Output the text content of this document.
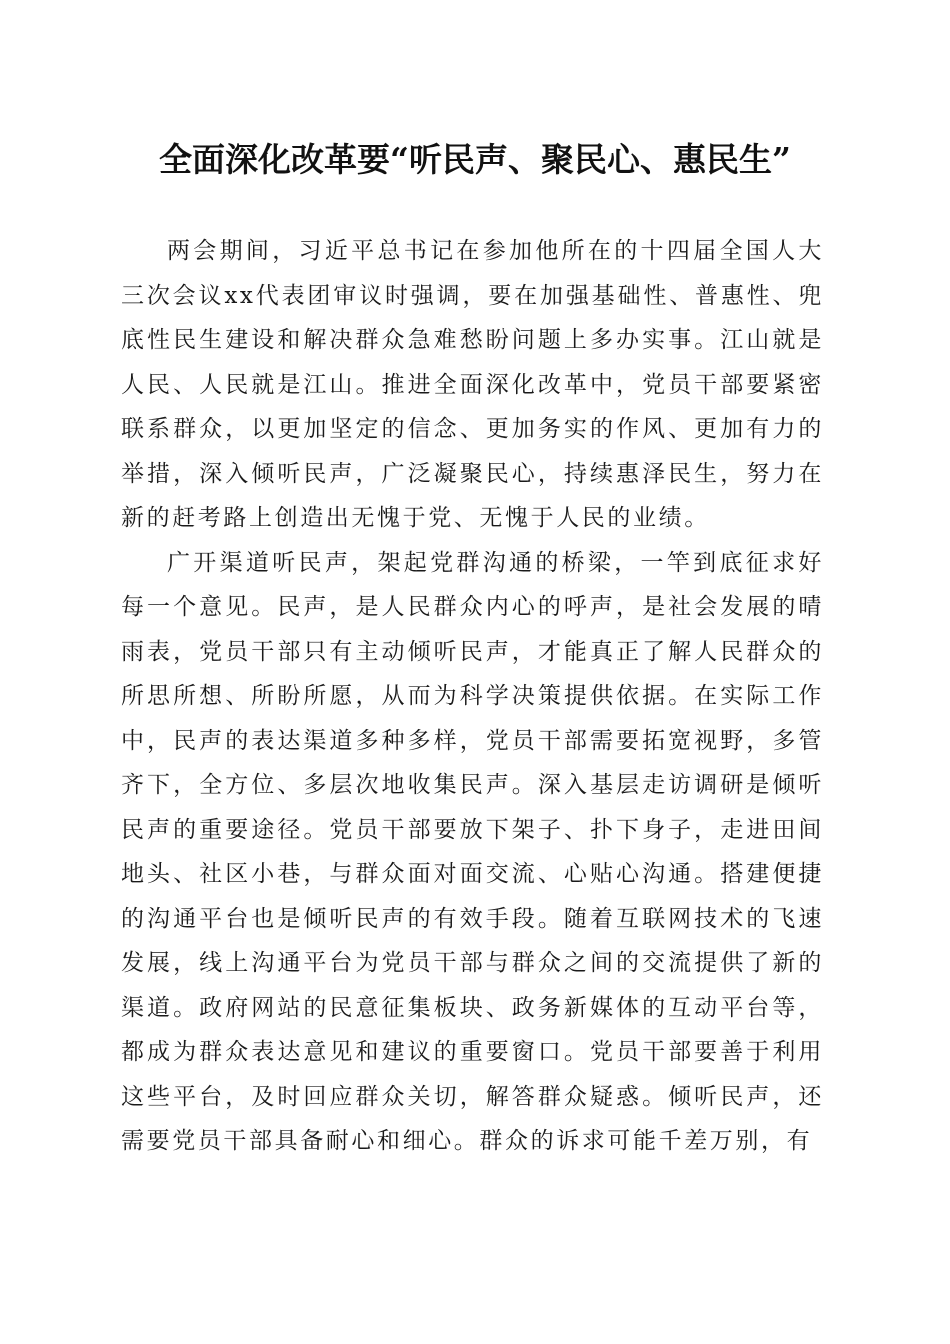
全面深化改革要“听民声、聚民心、惠民生”

两会期间，习近平总书记在参加他所在的十四届全国人大三次会议xx代表团审议时强调，要在加强基础性、普惠性、兜底性民生建设和解决群众急难愁盼问题上多办实事。江山就是人民、人民就是江山。推进全面深化改革中，党员干部要紧密联系群众，以更加坚定的信念、更加务实的作风、更加有力的举措，深入倾听民声，广泛凝聚民心，持续惠泽民生，努力在新的赶考路上创造出无愧于党、无愧于人民的业绩。

广开渠道听民声，架起党群沟通的桥梁，一竿到底征求好每一个意见。民声，是人民群众内心的呼声，是社会发展的晴雨表，党员干部只有主动倾听民声，才能真正了解人民群众的所思所想、所盼所愿，从而为科学决策提供依据。在实际工作中，民声的表达渠道多种多样，党员干部需要拓宽视野，多管齐下，全方位、多层次地收集民声。深入基层走访调研是倾听民声的重要途径。党员干部要放下架子、扑下身子，走进田间地头、社区小巷，与群众面对面交流、心贴心沟通。搭建便捷的沟通平台也是倾听民声的有效手段。随着互联网技术的飞速发展，线上沟通平台为党员干部与群众之间的交流提供了新的渠道。政府网站的民意征集板块、政务新媒体的互动平台等，都成为群众表达意见和建议的重要窗口。党员干部要善于利用这些平台，及时回应群众关切，解答群众疑惑。倾听民声，还需要党员干部具备耐心和细心。群众的诉求可能千差万别，有
